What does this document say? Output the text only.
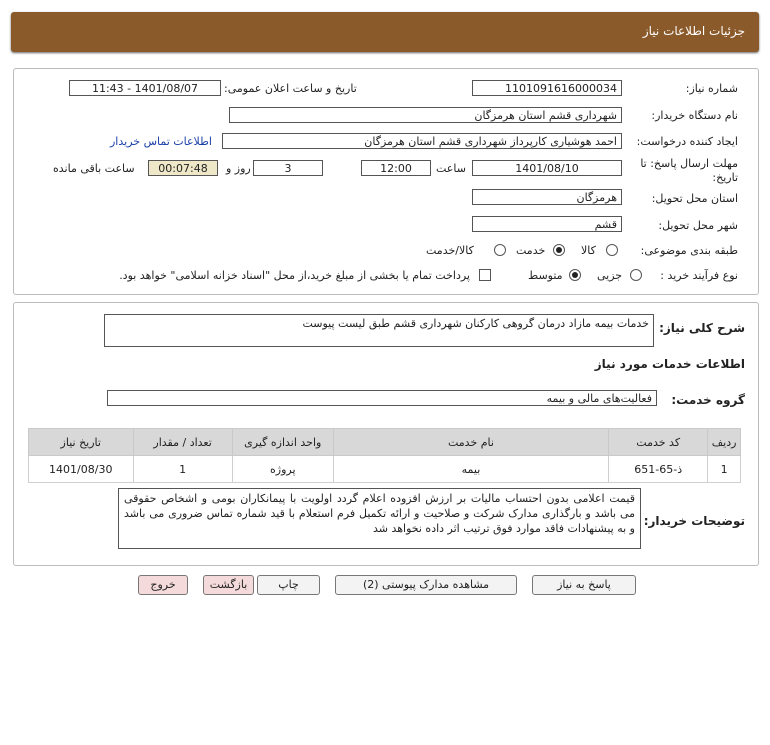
جزئيات اطلاعات نياز
شماره نياز:
1101091616000034
تاريخ و ساعت اعلان عمومی:
1401/08/07 - 11:43
نام دستگاه خريدار:
شهرداری قشم استان هرمزگان
ايجاد کننده درخواست:
احمد هوشياری کارپرداز شهرداری قشم استان هرمزگان
اطلاعات تماس خريدار
مهلت ارسال پاسخ: تا تاريخ:
1401/08/10
ساعت
12:00
3
روز و
00:07:48
ساعت باقی مانده
استان محل تحويل:
هرمزگان
شهر محل تحويل:
قشم
طبقه بندی موضوعی:
کالا
خدمت
کالا/خدمت
نوع فرآيند خريد :
جزيی
متوسط
پرداخت تمام يا بخشی از مبلغ خريد،از محل "اسناد خزانه اسلامی" خواهد بود.
شرح کلی نياز:
خدمات بيمه مازاد درمان گروهی کارکنان شهرداری قشم طبق ليست پيوست
اطلاعات خدمات مورد نياز
گروه خدمت:
فعاليت‌های مالی و بيمه
رديف	کد خدمت	نام خدمت	واحد اندازه گيری	تعداد / مقدار	تاريخ نياز
1	ذ-65-651	بيمه	پروژه	1	1401/08/30
توضيحات خريدار:
قيمت اعلامی بدون احتساب ماليات بر ارزش افزوده اعلام گردد اولويت با پيمانکاران بومی و اشخاص حقوقی می باشد و بارگذاری مدارک شرکت و صلاحيت و ارائه تکميل فرم استعلام با قيد شماره تماس ضروری می باشد و به پيشنهادات فاقد موارد فوق ترتيب اثر داده نخواهد شد
پاسخ به نياز
مشاهده مدارک پيوستی (2)
چاپ
بازگشت
خروج
